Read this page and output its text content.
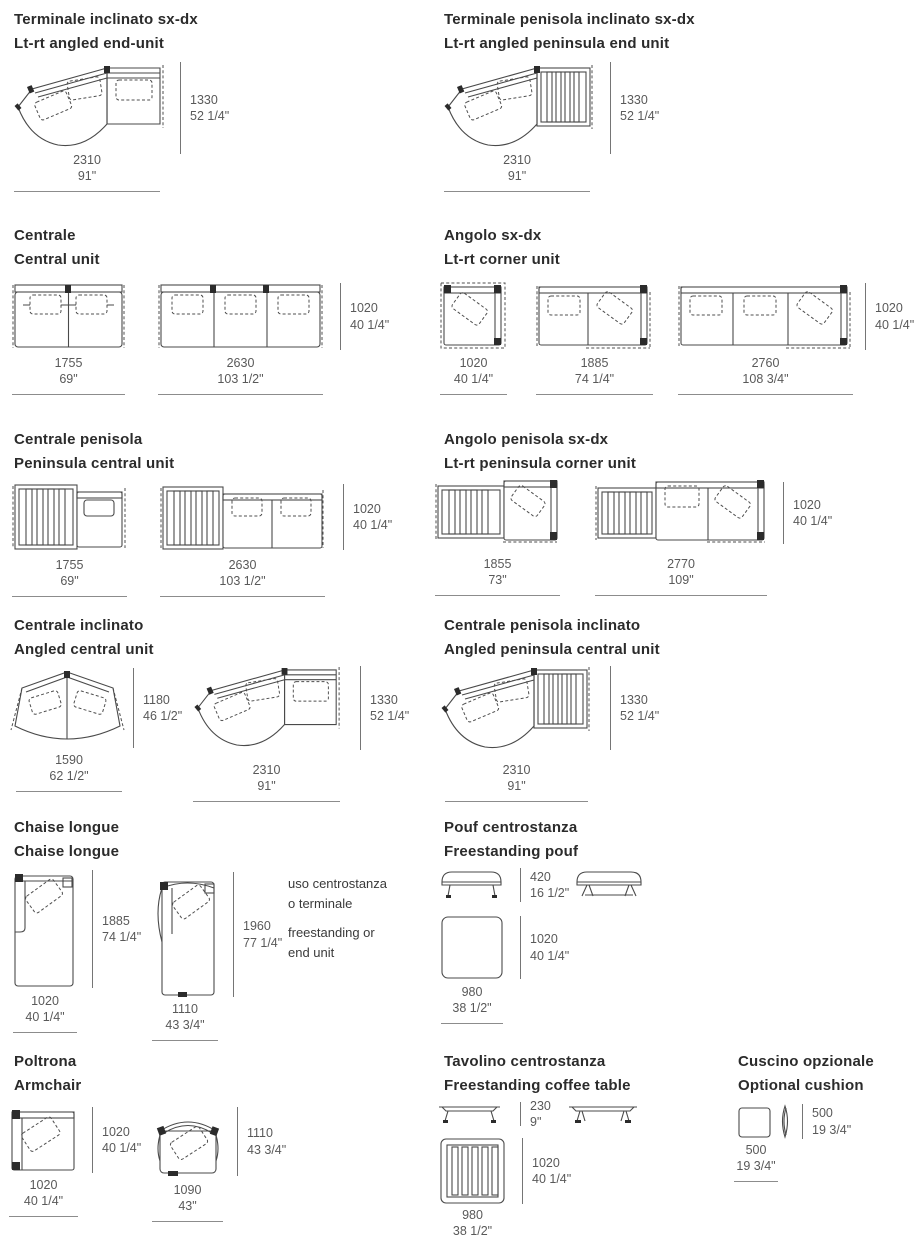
Terminale inclinato sx-dx
Lt-rt angled end-unit
2310
91"
1330
52 1/4"
Terminale penisola inclinato sx-dx
Lt-rt angled peninsula end unit
2310
91"
1330
52 1/4"
Centrale
Central unit
1755
69"
2630
103 1/2"
1020
40 1/4"
Angolo sx-dx
Lt-rt corner unit
1020
40 1/4"
1885
74 1/4"
2760
108 3/4"
1020
40 1/4"
Centrale penisola
Peninsula central unit
1755
69"
2630
103 1/2"
1020
40 1/4"
Angolo penisola sx-dx
Lt-rt peninsula corner unit
1855
73"
2770
109"
1020
40 1/4"
Centrale inclinato
Angled central unit
1590
62 1/2"
1180
46 1/2"
2310
91"
1330
52 1/4"
Centrale penisola inclinato
Angled peninsula central unit
2310
91"
1330
52 1/4"
Chaise longue
Chaise longue
1020
40 1/4"
1885
74 1/4"
1110
43 3/4"
1960
77 1/4"
uso centrostanza
o terminale
freestanding or
end unit
Pouf centrostanza
Freestanding pouf
420
16 1/2"
1020
40 1/4"
980
38 1/2"
Poltrona
Armchair
1020
40 1/4"
1020
40 1/4"
1090
43"
1110
43 3/4"
Tavolino centrostanza
Freestanding coffee table
230
9"
1020
40 1/4"
980
38 1/2"
Cuscino opzionale
Optional cushion
500
19 3/4"
500
19 3/4"
